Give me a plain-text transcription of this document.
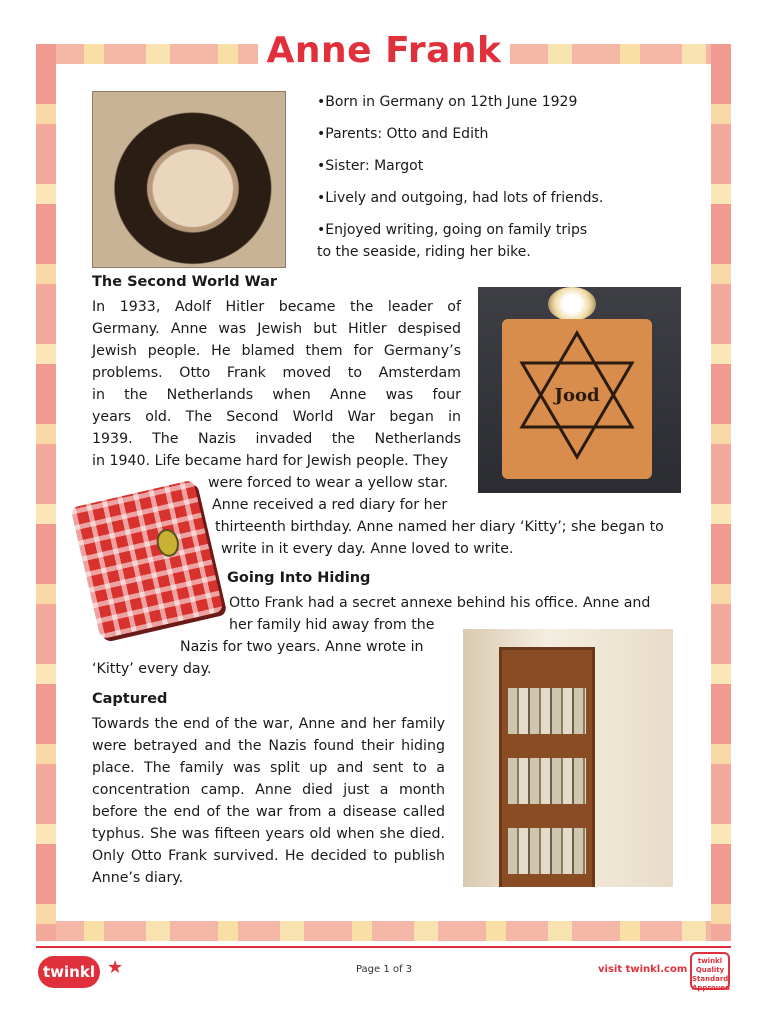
Anne Frank
•Born in Germany on 12th June 1929
•Parents: Otto and Edith
•Sister: Margot
•Lively and outgoing, had lots of friends.
•Enjoyed writing, going on family trips
to the seaside, riding her bike.
The Second World War
In 1933, Adolf Hitler became the leader of
Germany. Anne was Jewish but Hitler despised
Jewish people. He blamed them for Germany’s
problems. Otto Frank moved to Amsterdam
in the Netherlands when Anne was four
years old. The Second World War began in
1939. The Nazis invaded the Netherlands
in 1940. Life became hard for Jewish people. They
were forced to wear a yellow star.
Anne received a red diary for her
thirteenth birthday. Anne named her diary ‘Kitty’; she began to
write in it every day. Anne loved to write.
Jood
Going Into Hiding
Otto Frank had a secret annexe behind his office. Anne and
her family hid away from the
Nazis for two years. Anne wrote in
‘Kitty’ every day.
Captured
Towards the end of the war, Anne and her family
were betrayed and the Nazis found their hiding
place. The family was split up and sent to a
concentration camp. Anne died just a month
before the end of the war from a disease called
typhus. She was fifteen years old when she died.
Only Otto Frank survived. He decided to publish
Anne’s diary.
twinkl ★	Page 1 of 3	visit twinkl.com
twinkl Quality Standard Approved
